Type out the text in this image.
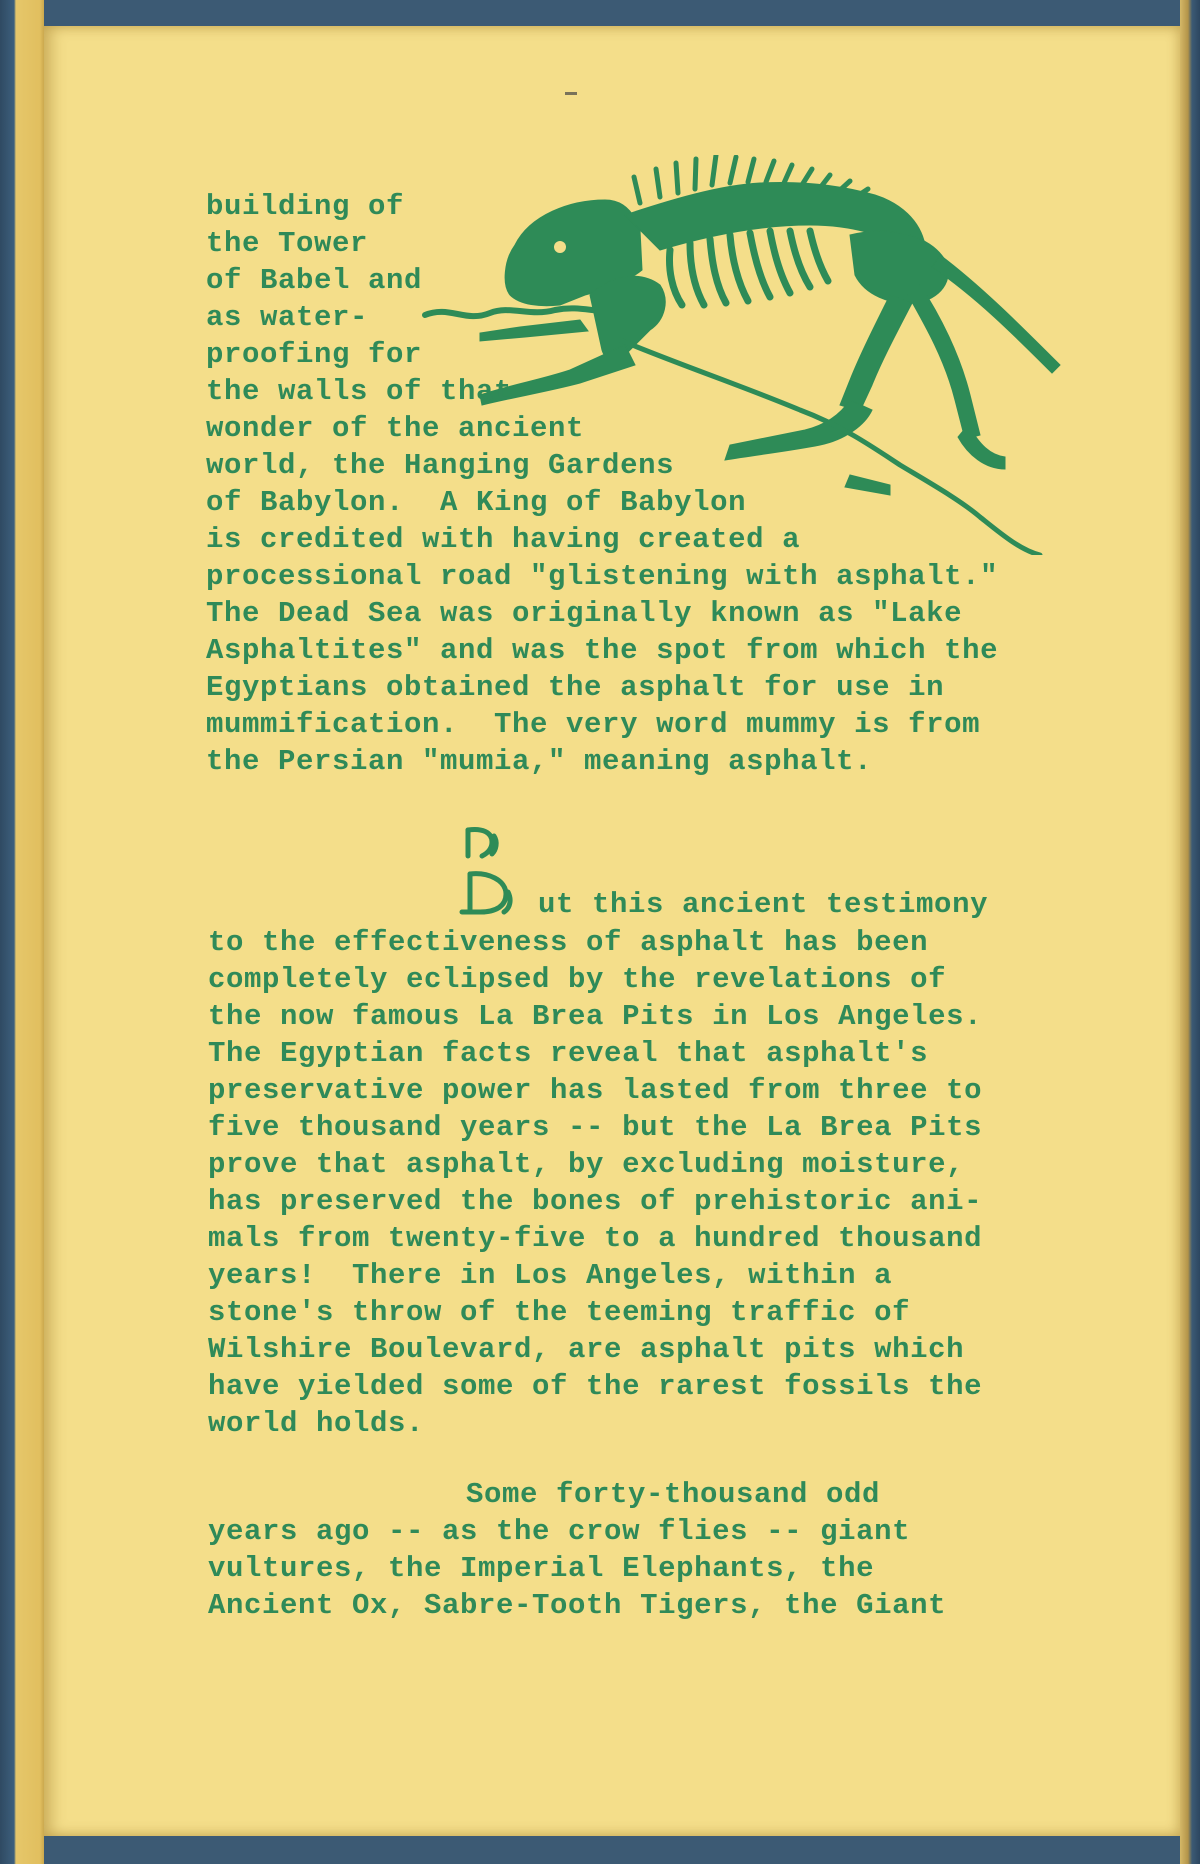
building of
the Tower
of Babel and
as water-
proofing for
the walls of that
wonder of the ancient
world, the Hanging Gardens
of Babylon.  A King of Babylon
is credited with having created a
processional road "glistening with asphalt."
The Dead Sea was originally known as "Lake
Asphaltites" and was the spot from which the
Egyptians obtained the asphalt for use in
mummification.  The very word mummy is from
the Persian "mumia," meaning asphalt.
ut this ancient testimony
to the effectiveness of asphalt has been
completely eclipsed by the revelations of
the now famous La Brea Pits in Los Angeles.
The Egyptian facts reveal that asphalt's
preservative power has lasted from three to
five thousand years -- but the La Brea Pits
prove that asphalt, by excluding moisture,
has preserved the bones of prehistoric ani-
mals from twenty-five to a hundred thousand
years!  There in Los Angeles, within a
stone's throw of the teeming traffic of
Wilshire Boulevard, are asphalt pits which
have yielded some of the rarest fossils the
world holds.
Some forty-thousand odd
years ago -- as the crow flies -- giant
vultures, the Imperial Elephants, the
Ancient Ox, Sabre-Tooth Tigers, the Giant
